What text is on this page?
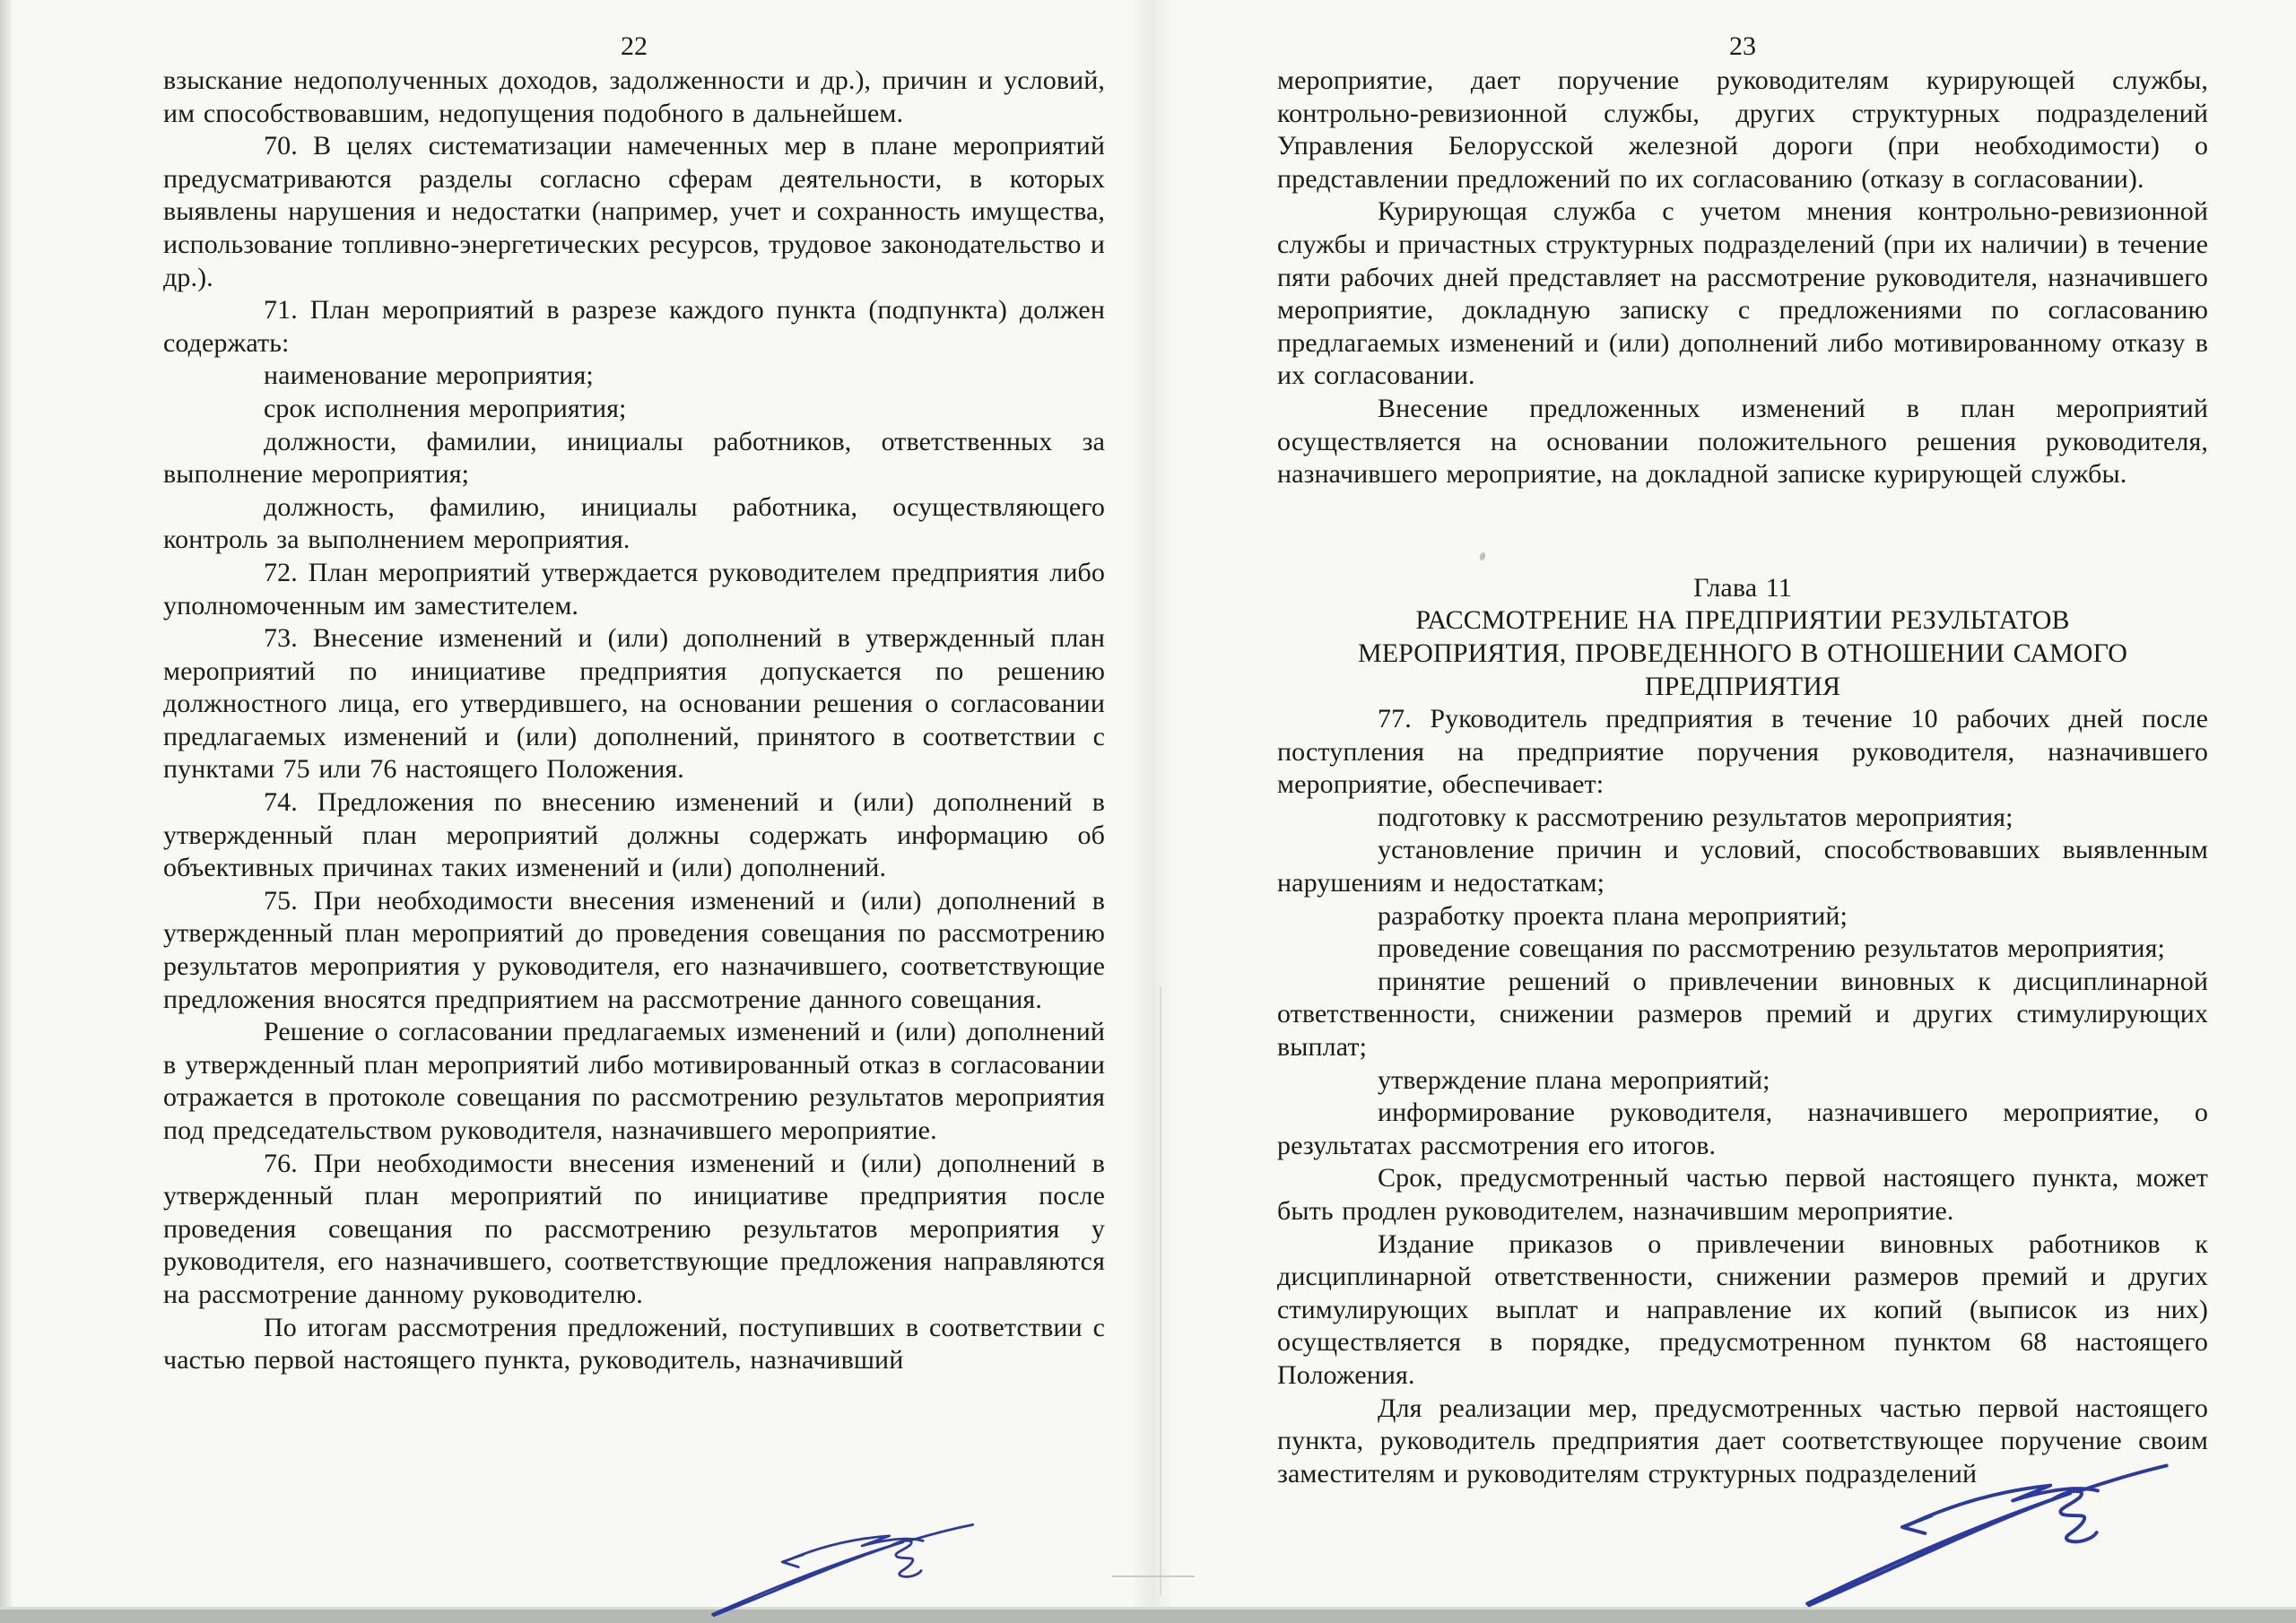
22

взыскание недополученных доходов, задолженности и др.), причин и условий, им способствовавшим, недопущения подобного в дальнейшем.

70. В целях систематизации намеченных мер в плане мероприятий предусматриваются разделы согласно сферам деятельности, в которых выявлены нарушения и недостатки (например, учет и сохранность имущества, использование топливно-энергетических ресурсов, трудовое законодательство и др.).

71. План мероприятий в разрезе каждого пункта (подпункта) должен содержать:

наименование мероприятия;

срок исполнения мероприятия;

должности, фамилии, инициалы работников, ответственных за выполнение мероприятия;

должность, фамилию, инициалы работника, осуществляющего контроль за выполнением мероприятия.

72. План мероприятий утверждается руководителем предприятия либо уполномоченным им заместителем.

73. Внесение изменений и (или) дополнений в утвержденный план мероприятий по инициативе предприятия допускается по решению должностного лица, его утвердившего, на основании решения о согласовании предлагаемых изменений и (или) дополнений, принятого в соответствии с пунктами 75 или 76 настоящего Положения.

74. Предложения по внесению изменений и (или) дополнений в утвержденный план мероприятий должны содержать информацию об объективных причинах таких изменений и (или) дополнений.

75. При необходимости внесения изменений и (или) дополнений в утвержденный план мероприятий до проведения совещания по рассмотрению результатов мероприятия у руководителя, его назначившего, соответствующие предложения вносятся предприятием на рассмотрение данного совещания.

Решение о согласовании предлагаемых изменений и (или) дополнений в утвержденный план мероприятий либо мотивированный отказ в согласовании отражается в протоколе совещания по рассмотрению результатов мероприятия под председательством руководителя, назначившего мероприятие.

76. При необходимости внесения изменений и (или) дополнений в утвержденный план мероприятий по инициативе предприятия после проведения совещания по рассмотрению результатов мероприятия у руководителя, его назначившего, соответствующие предложения направляются на рассмотрение данному руководителю.

По итогам рассмотрения предложений, поступивших в соответствии с частью первой настоящего пункта, руководитель, назначивший

23

мероприятие, дает поручение руководителям курирующей службы, контрольно-ревизионной службы, других структурных подразделений Управления Белорусской железной дороги (при необходимости) о представлении предложений по их согласованию (отказу в согласовании).

Курирующая служба с учетом мнения контрольно-ревизионной службы и причастных структурных подразделений (при их наличии) в течение пяти рабочих дней представляет на рассмотрение руководителя, назначившего мероприятие, докладную записку с предложениями по согласованию предлагаемых изменений и (или) дополнений либо мотивированному отказу в их согласовании.

Внесение предложенных изменений в план мероприятий осуществляется на основании положительного решения руководителя, назначившего мероприятие, на докладной записке курирующей службы.

Глава 11

РАССМОТРЕНИЕ НА ПРЕДПРИЯТИИ РЕЗУЛЬТАТОВ

МЕРОПРИЯТИЯ, ПРОВЕДЕННОГО В ОТНОШЕНИИ САМОГО

ПРЕДПРИЯТИЯ

77. Руководитель предприятия в течение 10 рабочих дней после поступления на предприятие поручения руководителя, назначившего мероприятие, обеспечивает:

подготовку к рассмотрению результатов мероприятия;

установление причин и условий, способствовавших выявленным нарушениям и недостаткам;

разработку проекта плана мероприятий;

проведение совещания по рассмотрению результатов мероприятия;

принятие решений о привлечении виновных к дисциплинарной ответственности, снижении размеров премий и других стимулирующих выплат;

утверждение плана мероприятий;

информирование руководителя, назначившего мероприятие, о результатах рассмотрения его итогов.

Срок, предусмотренный частью первой настоящего пункта, может быть продлен руководителем, назначившим мероприятие.

Издание приказов о привлечении виновных работников к дисциплинарной ответственности, снижении размеров премий и других стимулирующих выплат и направление их копий (выписок из них) осуществляется в порядке, предусмотренном пунктом 68 настоящего Положения.

Для реализации мер, предусмотренных частью первой настоящего пункта, руководитель предприятия дает соответствующее поручение своим заместителям и руководителям структурных подразделений
